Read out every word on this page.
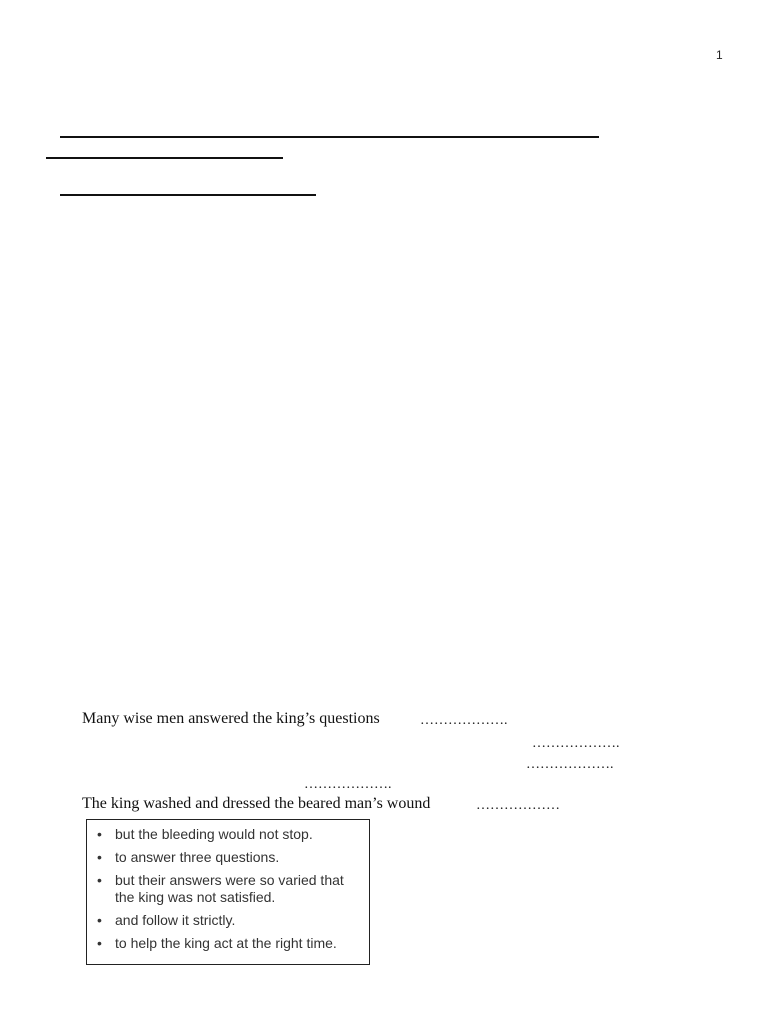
1
Many wise men answered the king’s questions	……………….
……………….
……………….
……………….
The king washed and dressed the beared man’s wound	………………
• but the bleeding would not stop.
• to answer three questions.
• but their answers were so varied that the king was not satisfied.
• and follow it strictly.
• to help the king act at the right time.
